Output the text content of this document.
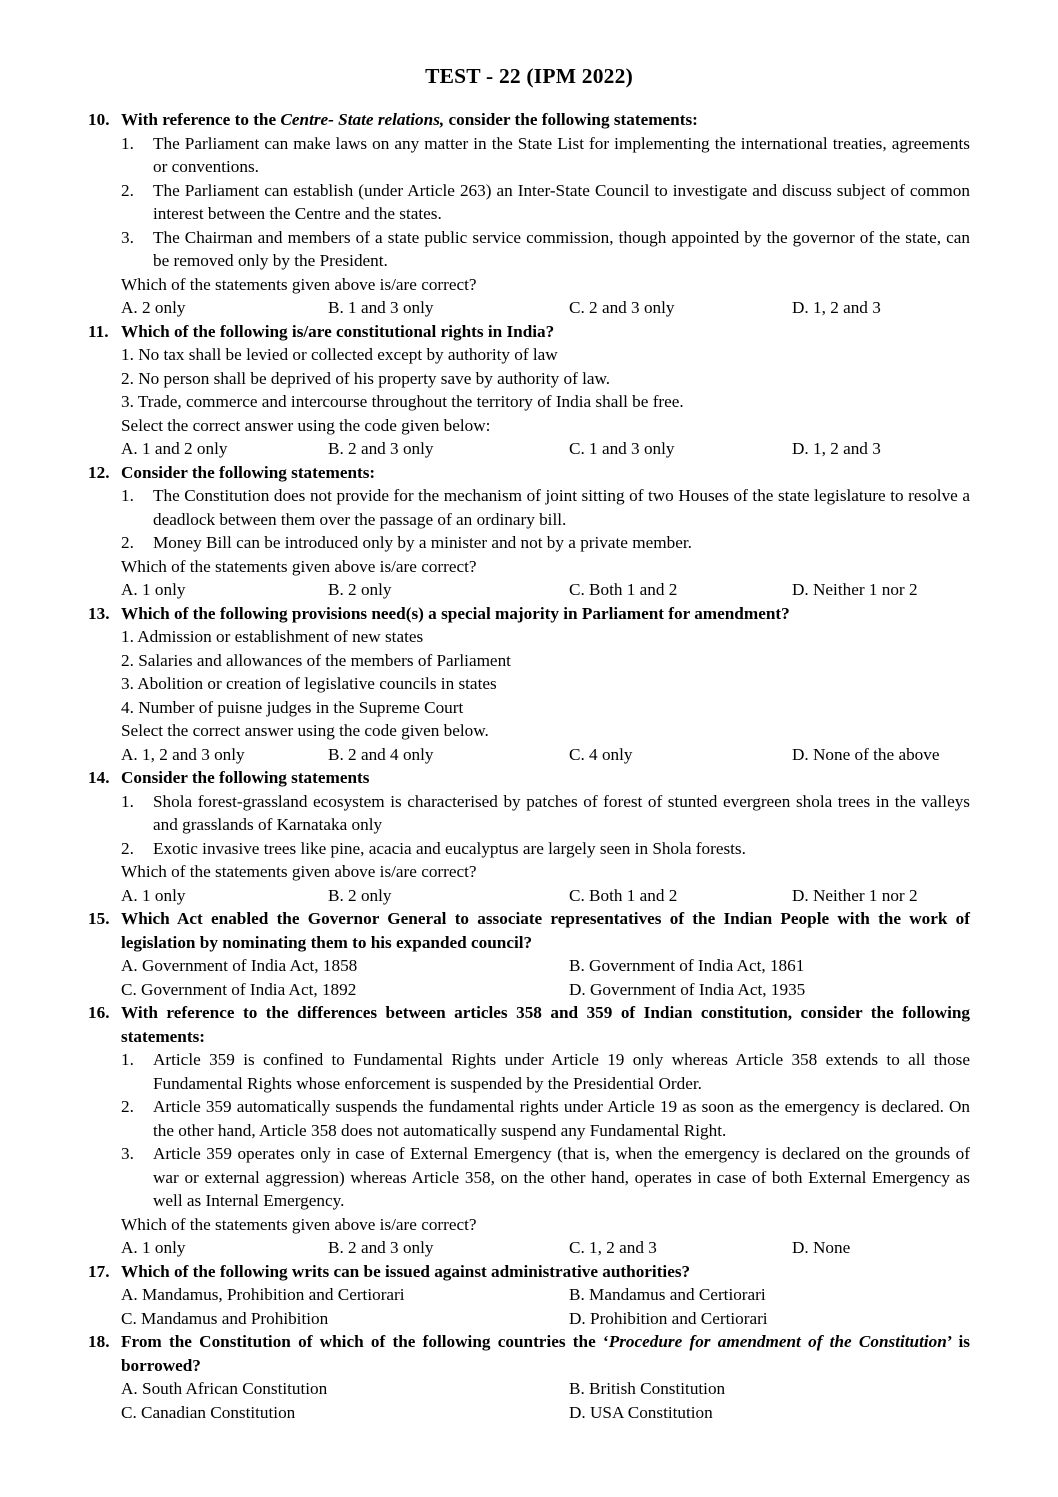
TEST - 22 (IPM 2022)
10. With reference to the Centre- State relations, consider the following statements:
1.	The Parliament can make laws on any matter in the State List for implementing the international treaties, agreements or conventions.
2.	The Parliament can establish (under Article 263) an Inter-State Council to investigate and discuss subject of common interest between the Centre and the states.
3.	The Chairman and members of a state public service commission, though appointed by the governor of the state, can be removed only by the President.
Which of the statements given above is/are correct?
A. 2 only	B. 1 and 3 only	C. 2 and 3 only	D. 1, 2 and 3
11. Which of the following is/are constitutional rights in India?
1. No tax shall be levied or collected except by authority of law
2. No person shall be deprived of his property save by authority of law.
3. Trade, commerce and intercourse throughout the territory of India shall be free.
Select the correct answer using the code given below:
A. 1 and 2 only	B. 2 and 3 only	C. 1 and 3 only	D. 1, 2 and 3
12. Consider the following statements:
1.	The Constitution does not provide for the mechanism of joint sitting of two Houses of the state legislature to resolve a deadlock between them over the passage of an ordinary bill.
2.	Money Bill can be introduced only by a minister and not by a private member.
Which of the statements given above is/are correct?
A. 1 only	B. 2 only	C. Both 1 and 2	D. Neither 1 nor 2
13. Which of the following provisions need(s) a special majority in Parliament for amendment?
1. Admission or establishment of new states
2. Salaries and allowances of the members of Parliament
3. Abolition or creation of legislative councils in states
4. Number of puisne judges in the Supreme Court
Select the correct answer using the code given below.
A. 1, 2 and 3 only	B. 2 and 4 only	C. 4 only	D. None of the above
14. Consider the following statements
1.	Shola forest-grassland ecosystem is characterised by patches of forest of stunted evergreen shola trees in the valleys and grasslands of Karnataka only
2.	Exotic invasive trees like pine, acacia and eucalyptus are largely seen in Shola forests.
Which of the statements given above is/are correct?
A. 1 only	B. 2 only	C. Both 1 and 2	D. Neither 1 nor 2
15. Which Act enabled the Governor General to associate representatives of the Indian People with the work of legislation by nominating them to his expanded council?
A. Government of India Act, 1858	B. Government of India Act, 1861
C. Government of India Act, 1892	D. Government of India Act, 1935
16. With reference to the differences between articles 358 and 359 of Indian constitution, consider the following statements:
1.	Article 359 is confined to Fundamental Rights under Article 19 only whereas Article 358 extends to all those Fundamental Rights whose enforcement is suspended by the Presidential Order.
2.	Article 359 automatically suspends the fundamental rights under Article 19 as soon as the emergency is declared. On the other hand, Article 358 does not automatically suspend any Fundamental Right.
3.	Article 359 operates only in case of External Emergency (that is, when the emergency is declared on the grounds of war or external aggression) whereas Article 358, on the other hand, operates in case of both External Emergency as well as Internal Emergency.
Which of the statements given above is/are correct?
A. 1 only	B. 2 and 3 only	C. 1, 2 and 3	D. None
17. Which of the following writs can be issued against administrative authorities?
A. Mandamus, Prohibition and Certiorari	B. Mandamus and Certiorari
C. Mandamus and Prohibition	D. Prohibition and Certiorari
18. From the Constitution of which of the following countries the ‘Procedure for amendment of the Constitution’ is borrowed?
A. South African Constitution	B. British Constitution
C. Canadian Constitution	D. USA Constitution
